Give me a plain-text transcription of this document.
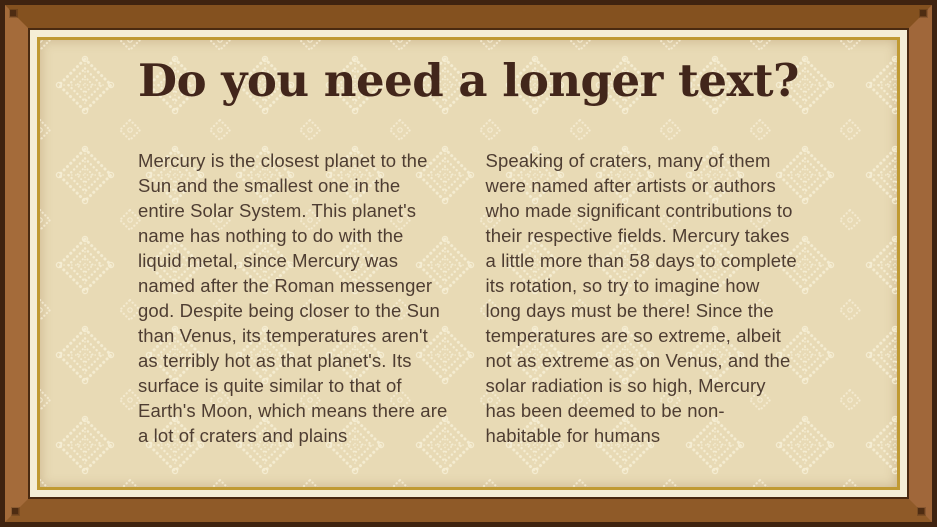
Do you need a longer text?

Mercury is the closest planet to the Sun and the smallest one in the entire Solar System. This planet's name has nothing to do with the liquid metal, since Mercury was named after the Roman messenger god. Despite being closer to the Sun than Venus, its temperatures aren't as terribly hot as that planet's. Its surface is quite similar to that of Earth's Moon, which means there are a lot of craters and plains

Speaking of craters, many of them were named after artists or authors who made significant contributions to their respective fields. Mercury takes a little more than 58 days to complete its rotation, so try to imagine how long days must be there! Since the temperatures are so extreme, albeit not as extreme as on Venus, and the solar radiation is so high, Mercury has been deemed to be non-habitable for humans
